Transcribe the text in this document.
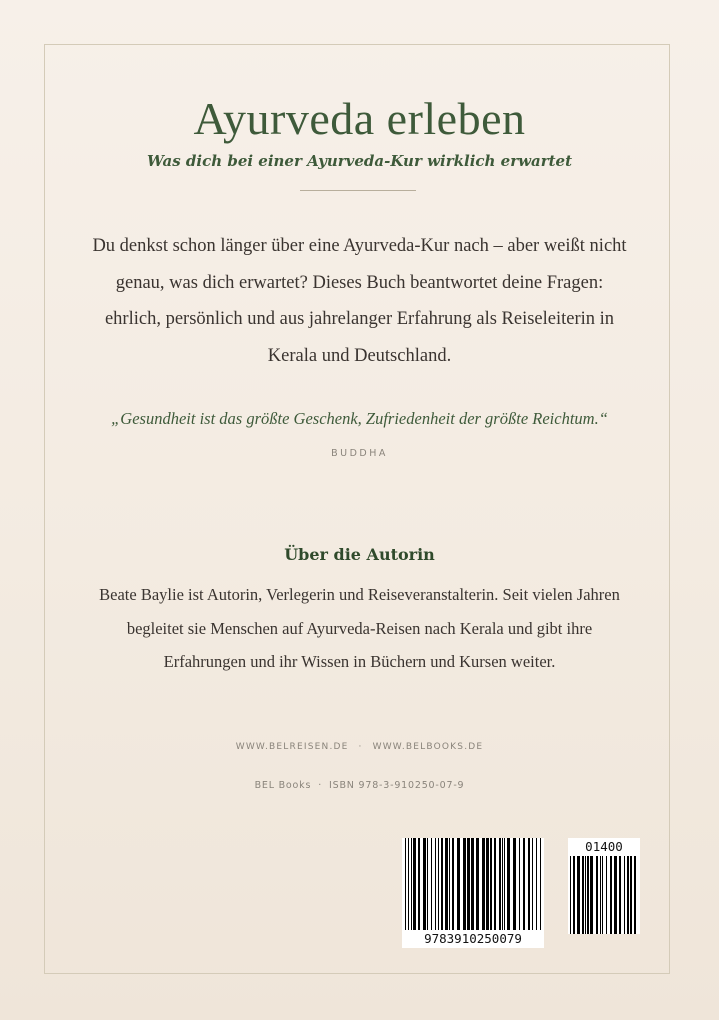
Ayurveda erleben
Was dich bei einer Ayurveda-Kur wirklich erwartet

Du denkst schon länger über eine Ayurveda-Kur nach – aber weißt nicht
genau, was dich erwartet? Dieses Buch beantwortet deine Fragen:
ehrlich, persönlich und aus jahrelanger Erfahrung als Reiseleiterin in
Kerala und Deutschland.

„Gesundheit ist das größte Geschenk, Zufriedenheit der größte Reichtum.“
BUDDHA
Über die Autorin

Beate Baylie ist Autorin, Verlegerin und Reiseveranstalterin. Seit vielen Jahren
begleitet sie Menschen auf Ayurveda-Reisen nach Kerala und gibt ihre
Erfahrungen und ihr Wissen in Büchern und Kursen weiter.

WWW.BELREISEN.DE · WWW.BELBOOKS.DE
BEL Books · ISBN 978-3-910250-07-9
9783910250079
01400
